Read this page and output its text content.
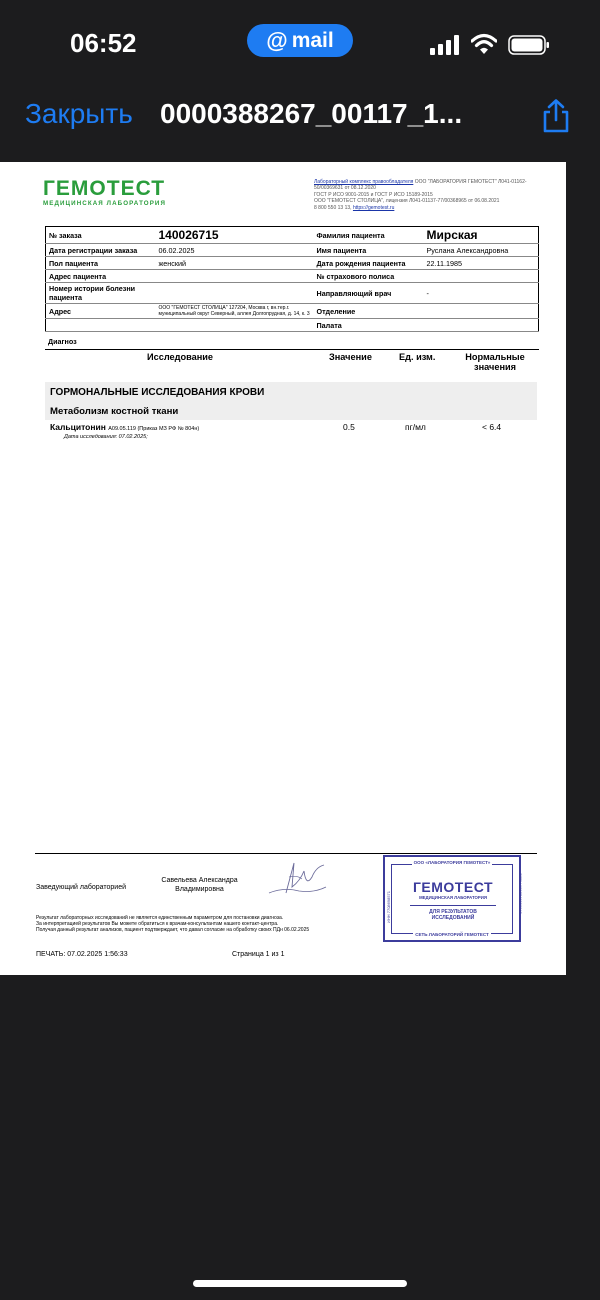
06:52	@ mail
Закрыть 0000388267_00117_1...
ГЕМОТЕСТ
МЕДИЦИНСКАЯ ЛАБОРАТОРИЯ
Лабораторный комплекс правообладателя ООО "ЛАБОРАТОРИЯ ГЕМОТЕСТ" Л041-01162-50/00369631 от 08.12.2020
ГОСТ Р ИСО 9001-2015 и ГОСТ Р ИСО 15189-2015
ООО "ГЕМОТЕСТ СТОЛИЦА", лицензия Л041-01137-77/00368965 от 06.08.2021
8 800 550 13 13, https://gemotest.ru
№ заказа	140026715	Фамилия пациента	Мирская
Дата регистрации заказа	06.02.2025	Имя пациента	Руслана Александровна
Пол пациента	женский	Дата рождения пациента	22.11.1985
Адрес пациента		№ страхового полиса	
Номер истории болезни пациента		Направляющий врач	-
Адрес	ООО "ГЕМОТЕСТ СТОЛИЦА" 127204, Москва г, вн.тер.г. муниципальный округ Северный, аллея Долгопрудная, д. 14, к. 3	Отделение	
		Палата	
Диагноз
Исследование	Значение	Ед. изм.	Нормальные значения
ГОРМОНАЛЬНЫЕ ИССЛЕДОВАНИЯ КРОВИ
Метаболизм костной ткани
Кальцитонин A09.05.119 (Приказ МЗ РФ № 804н)	0.5	пг/мл	< 6.4
Дата исследования: 07.02.2025;
Заведующий лабораторией
Савельева Александра Владимировна
Результат лабораторных исследований не является единственным параметром для постановки диагноза.
За интерпретацией результатов Вы можете обратиться к врачам-консультантам нашего контакт-центра.
Получая данный результат анализов, пациент подтверждает, что давал согласие на обработку своих ПДн 06.02.2025
ПЕЧАТЬ: 07.02.2025 1:56:33	Страница 1 из 1
ООО «ЛАБОРАТОРИЯ ГЕМОТЕСТ»
ГЕМОТЕСТ
МЕДИЦИНСКАЯ ЛАБОРАТОРИЯ
ДЛЯ РЕЗУЛЬТАТОВ ИССЛЕДОВАНИЙ
СЕТЬ ЛАБОРАТОРИЙ ГЕМОТЕСТ
ИНН 7708698571	ОГРН 1097746590042
